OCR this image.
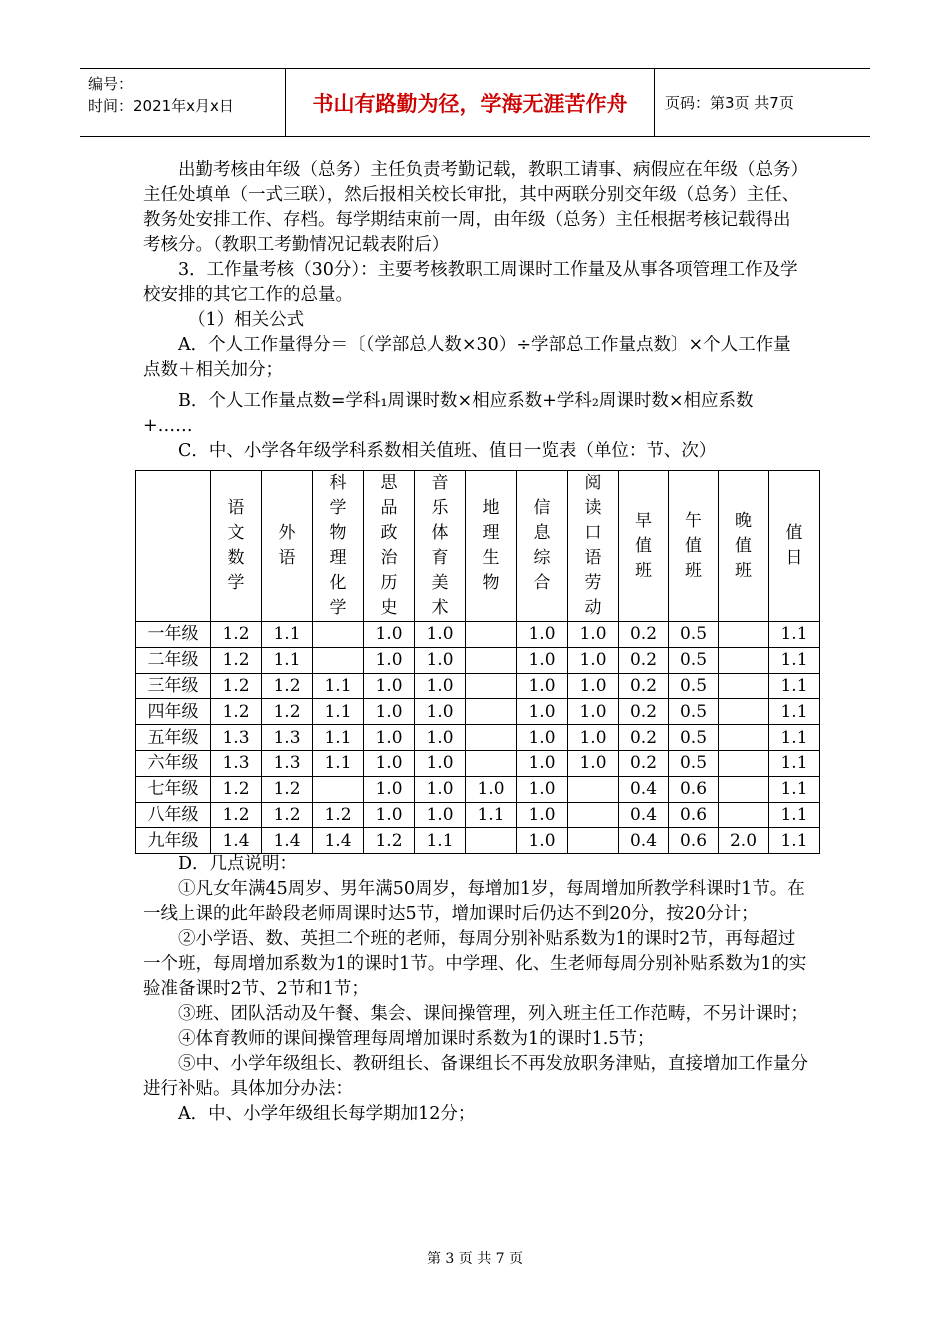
编号：
时间：2021年x月x日	书山有路勤为径，学海无涯苦作舟	页码：第3页 共7页

出勤考核由年级（总务）主任负责考勤记载，教职工请事、病假应在年级（总务）主任处填单（一式三联），然后报相关校长审批，其中两联分别交年级（总务）主任、教务处安排工作、存档。每学期结束前一周，由年级（总务）主任根据考核记载得出考核分。（教职工考勤情况记载表附后）

3．工作量考核（30分）：主要考核教职工周课时工作量及从事各项管理工作及学校安排的其它工作的总量。

（1）相关公式

A．个人工作量得分＝〔（学部总人数×30）÷学部总工作量点数〕×个人工作量点数＋相关加分；

B．个人工作量点数=学科₁周课时数×相应系数+学科₂周课时数×相应系数+……

C．中、小学各年级学科系数相关值班、值日一览表（单位：节、次）

	语文数学	外语	科学物理化学	思品政治历史	音乐体育美术	地理生物	信息综合	阅读口语劳动	早值班	午值班	晚值班	值日
一年级	1.2	1.1		1.0	1.0		1.0	1.0	0.2	0.5		1.1
二年级	1.2	1.1		1.0	1.0		1.0	1.0	0.2	0.5		1.1
三年级	1.2	1.2	1.1	1.0	1.0		1.0	1.0	0.2	0.5		1.1
四年级	1.2	1.2	1.1	1.0	1.0		1.0	1.0	0.2	0.5		1.1
五年级	1.3	1.3	1.1	1.0	1.0		1.0	1.0	0.2	0.5		1.1
六年级	1.3	1.3	1.1	1.0	1.0		1.0	1.0	0.2	0.5		1.1
七年级	1.2	1.2		1.0	1.0	1.0	1.0		0.4	0.6		1.1
八年级	1.2	1.2	1.2	1.0	1.0	1.1	1.0		0.4	0.6		1.1
九年级	1.4	1.4	1.4	1.2	1.1		1.0		0.4	0.6	2.0	1.1

D．几点说明：

①凡女年满45周岁、男年满50周岁，每增加1岁，每周增加所教学科课时1节。在一线上课的此年龄段老师周课时达5节，增加课时后仍达不到20分，按20分计；

②小学语、数、英担二个班的老师，每周分别补贴系数为1的课时2节，再每超过一个班，每周增加系数为1的课时1节。中学理、化、生老师每周分别补贴系数为1的实验准备课时2节、2节和1节；

③班、团队活动及午餐、集会、课间操管理，列入班主任工作范畴，不另计课时；

④体育教师的课间操管理每周增加课时系数为1的课时1.5节；

⑤中、小学年级组长、教研组长、备课组长不再发放职务津贴，直接增加工作量分进行补贴。具体加分办法：

A．中、小学年级组长每学期加12分；

第 3 页 共 7 页
